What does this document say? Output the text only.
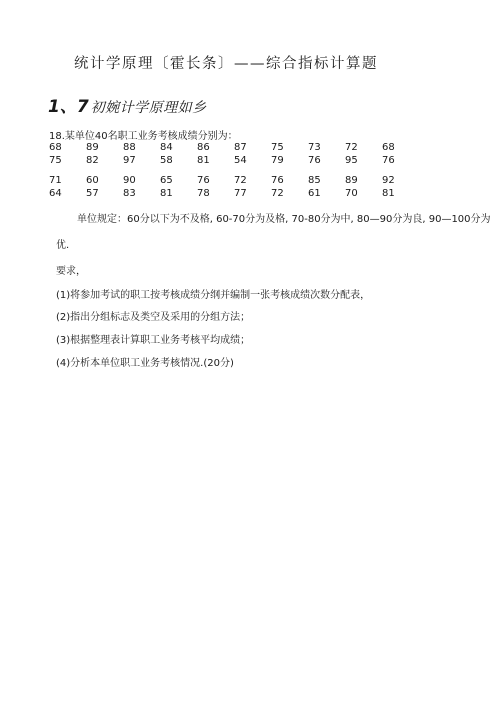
统计学原理〔霍长条〕——综合指标计算题
1、7 初婉计学原理如乡
18.某单位40名职工业务考核成绩分别为：
68	89	88	84	86	87	75	73	72	68
75	82	97	58	81	54	79	76	95	76
71	60	90	65	76	72	76	85	89	92
64	57	83	81	78	77	72	61	70	81
单位规定：60分以下为不及格, 60-70分为及格, 70-80分为中, 80—90分为良, 90—100分为
优.
要求，
(1)将参加考试的职工按考核成绩分纲并编制一张考核成绩次数分配表，
(2)指出分组标志及类空及采用的分组方法；
(3)根据整理表计算职工业务考核平均成绩；
(4)分析本单位职工业务考核情况.(20分)
